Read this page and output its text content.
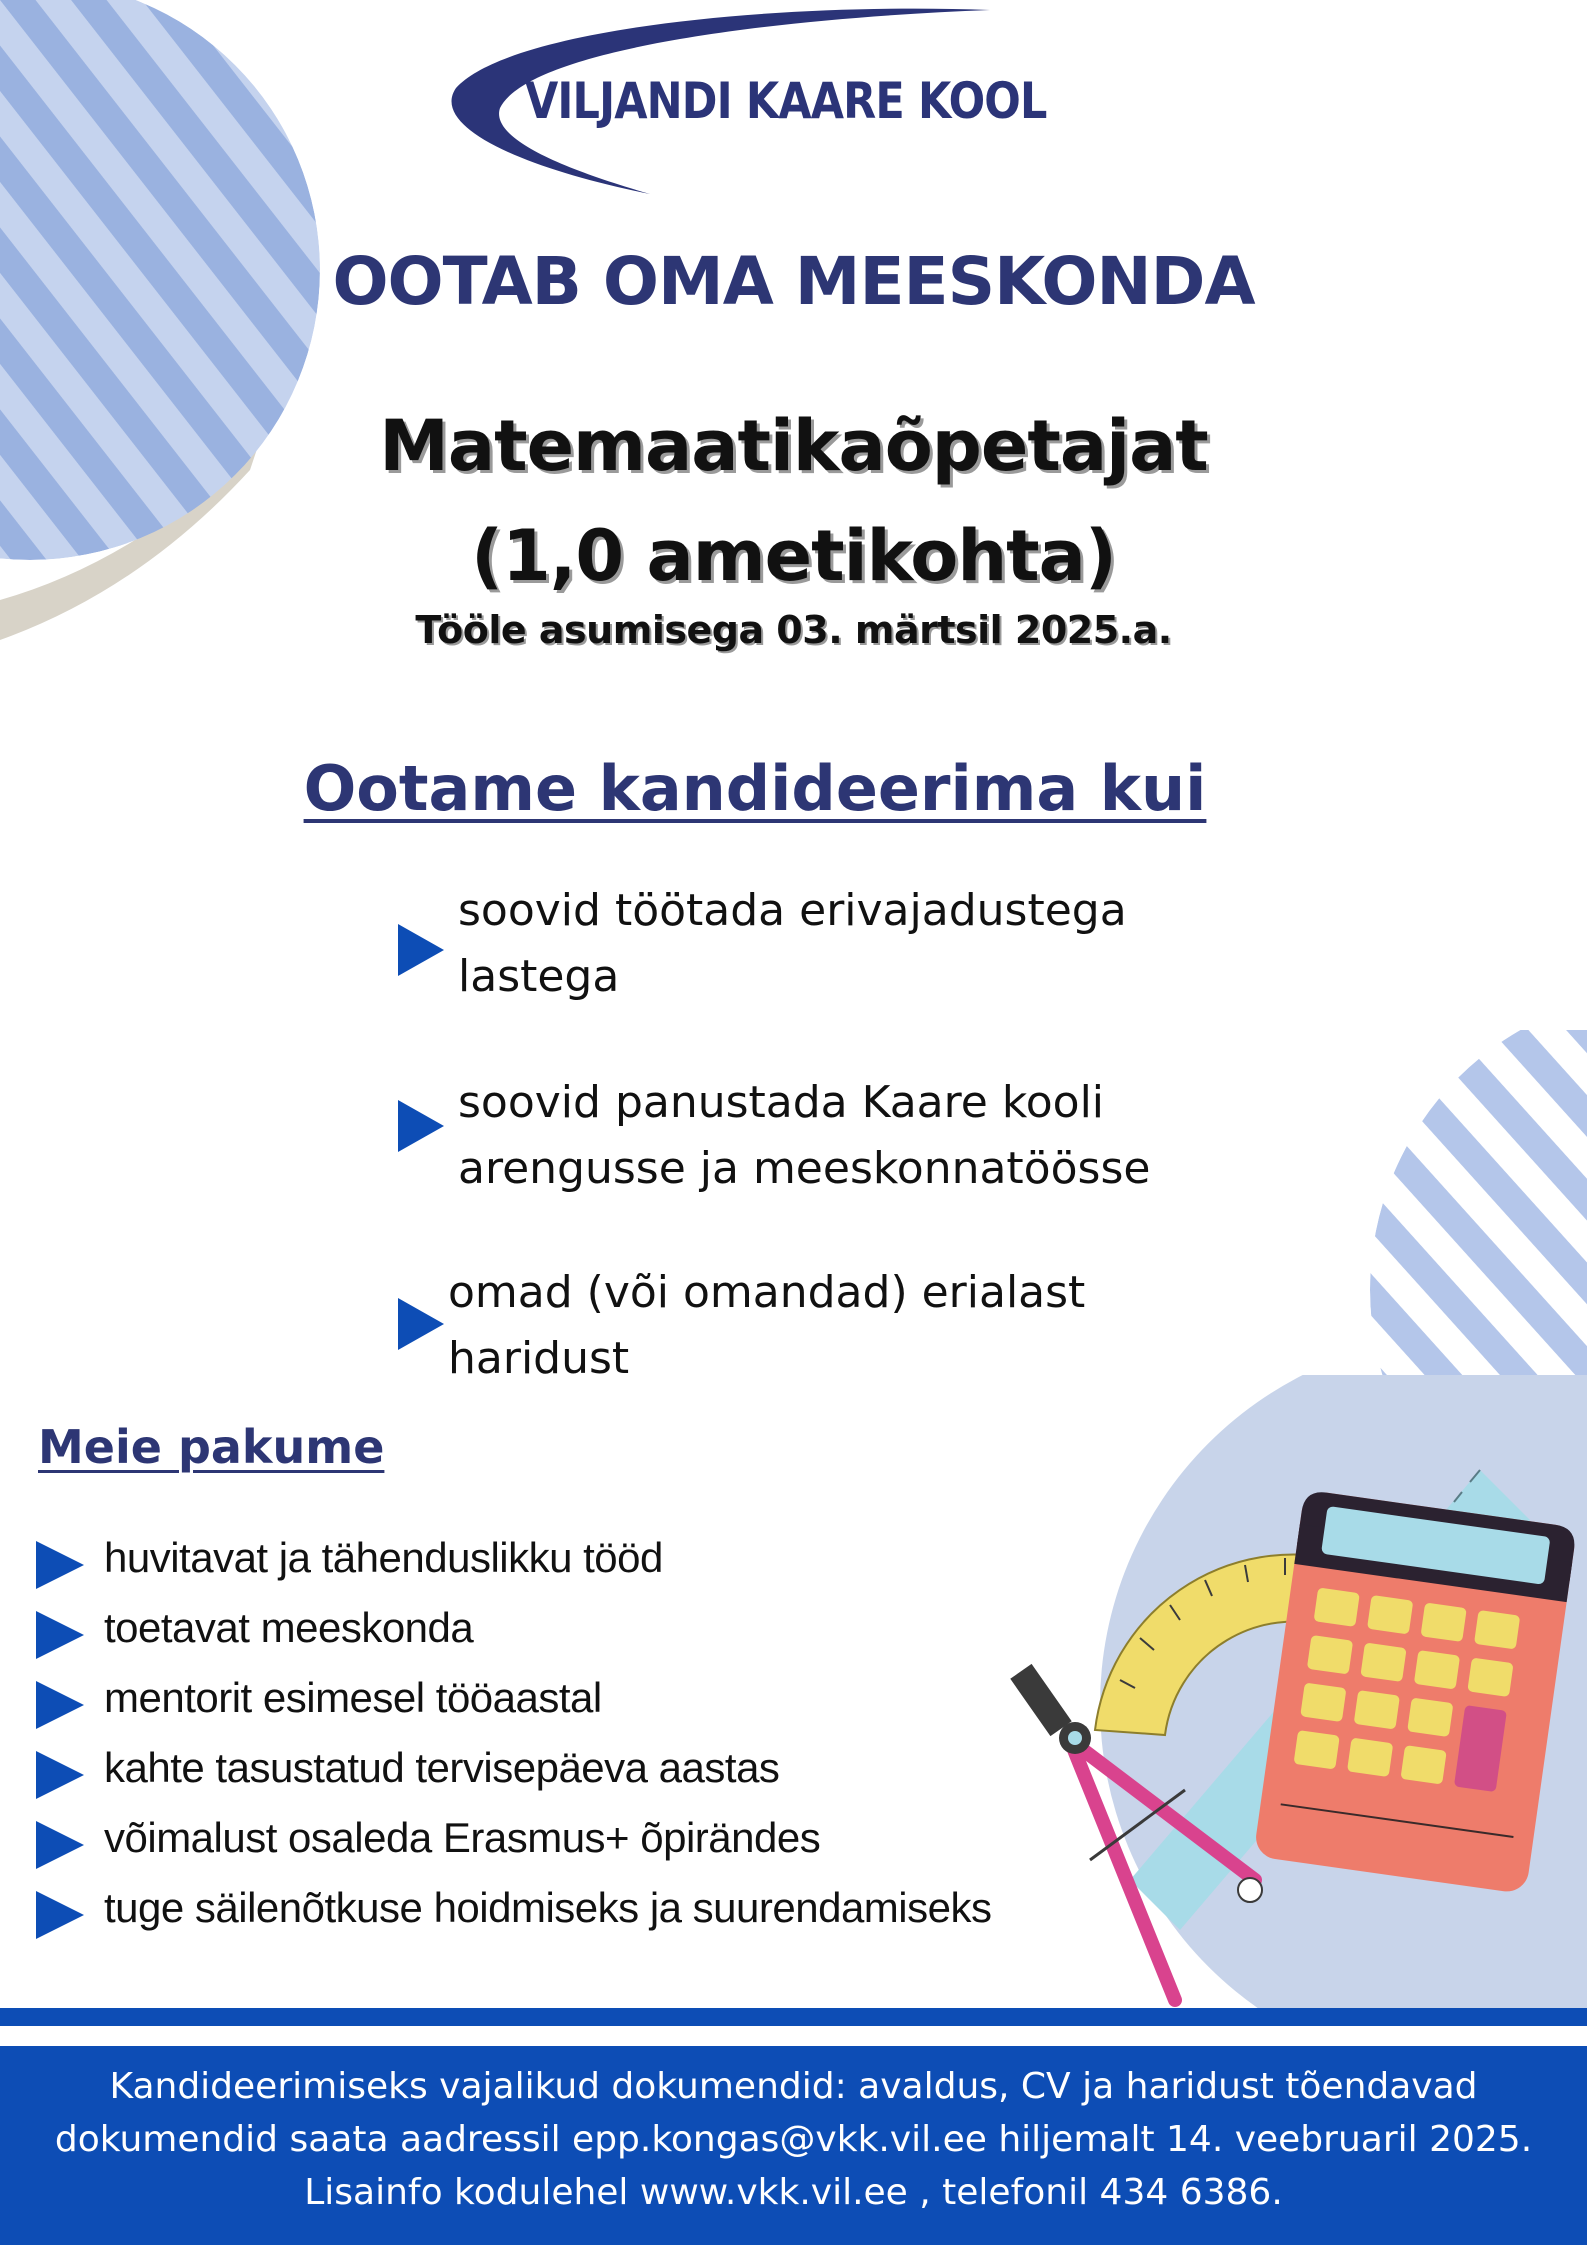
VILJANDI KAARE KOOL
OOTAB OMA MEESKONDA
Matemaatikaõpetajat
(1,0 ametikohta)
Tööle asumisega 03. märtsil 2025.a.
Ootame kandideerima kui
soovid töötada erivajadustega
lastega
soovid panustada Kaare kooli
arengusse ja meeskonnatöösse
omad (või omandad) erialast
haridust
Meie pakume
huvitavat ja tähenduslikku tööd
toetavat meeskonda
mentorit esimesel tööaastal
kahte tasustatud tervisepäeva aastas
võimalust osaleda Erasmus+ õpirändes
tuge säilenõtkuse hoidmiseks ja suurendamiseks
Kandideerimiseks vajalikud dokumendid: avaldus, CV ja haridust tõendavad
dokumendid saata aadressil epp.kongas@vkk.vil.ee hiljemalt 14. veebruaril 2025.
Lisainfo kodulehel www.vkk.vil.ee , telefonil 434 6386.
